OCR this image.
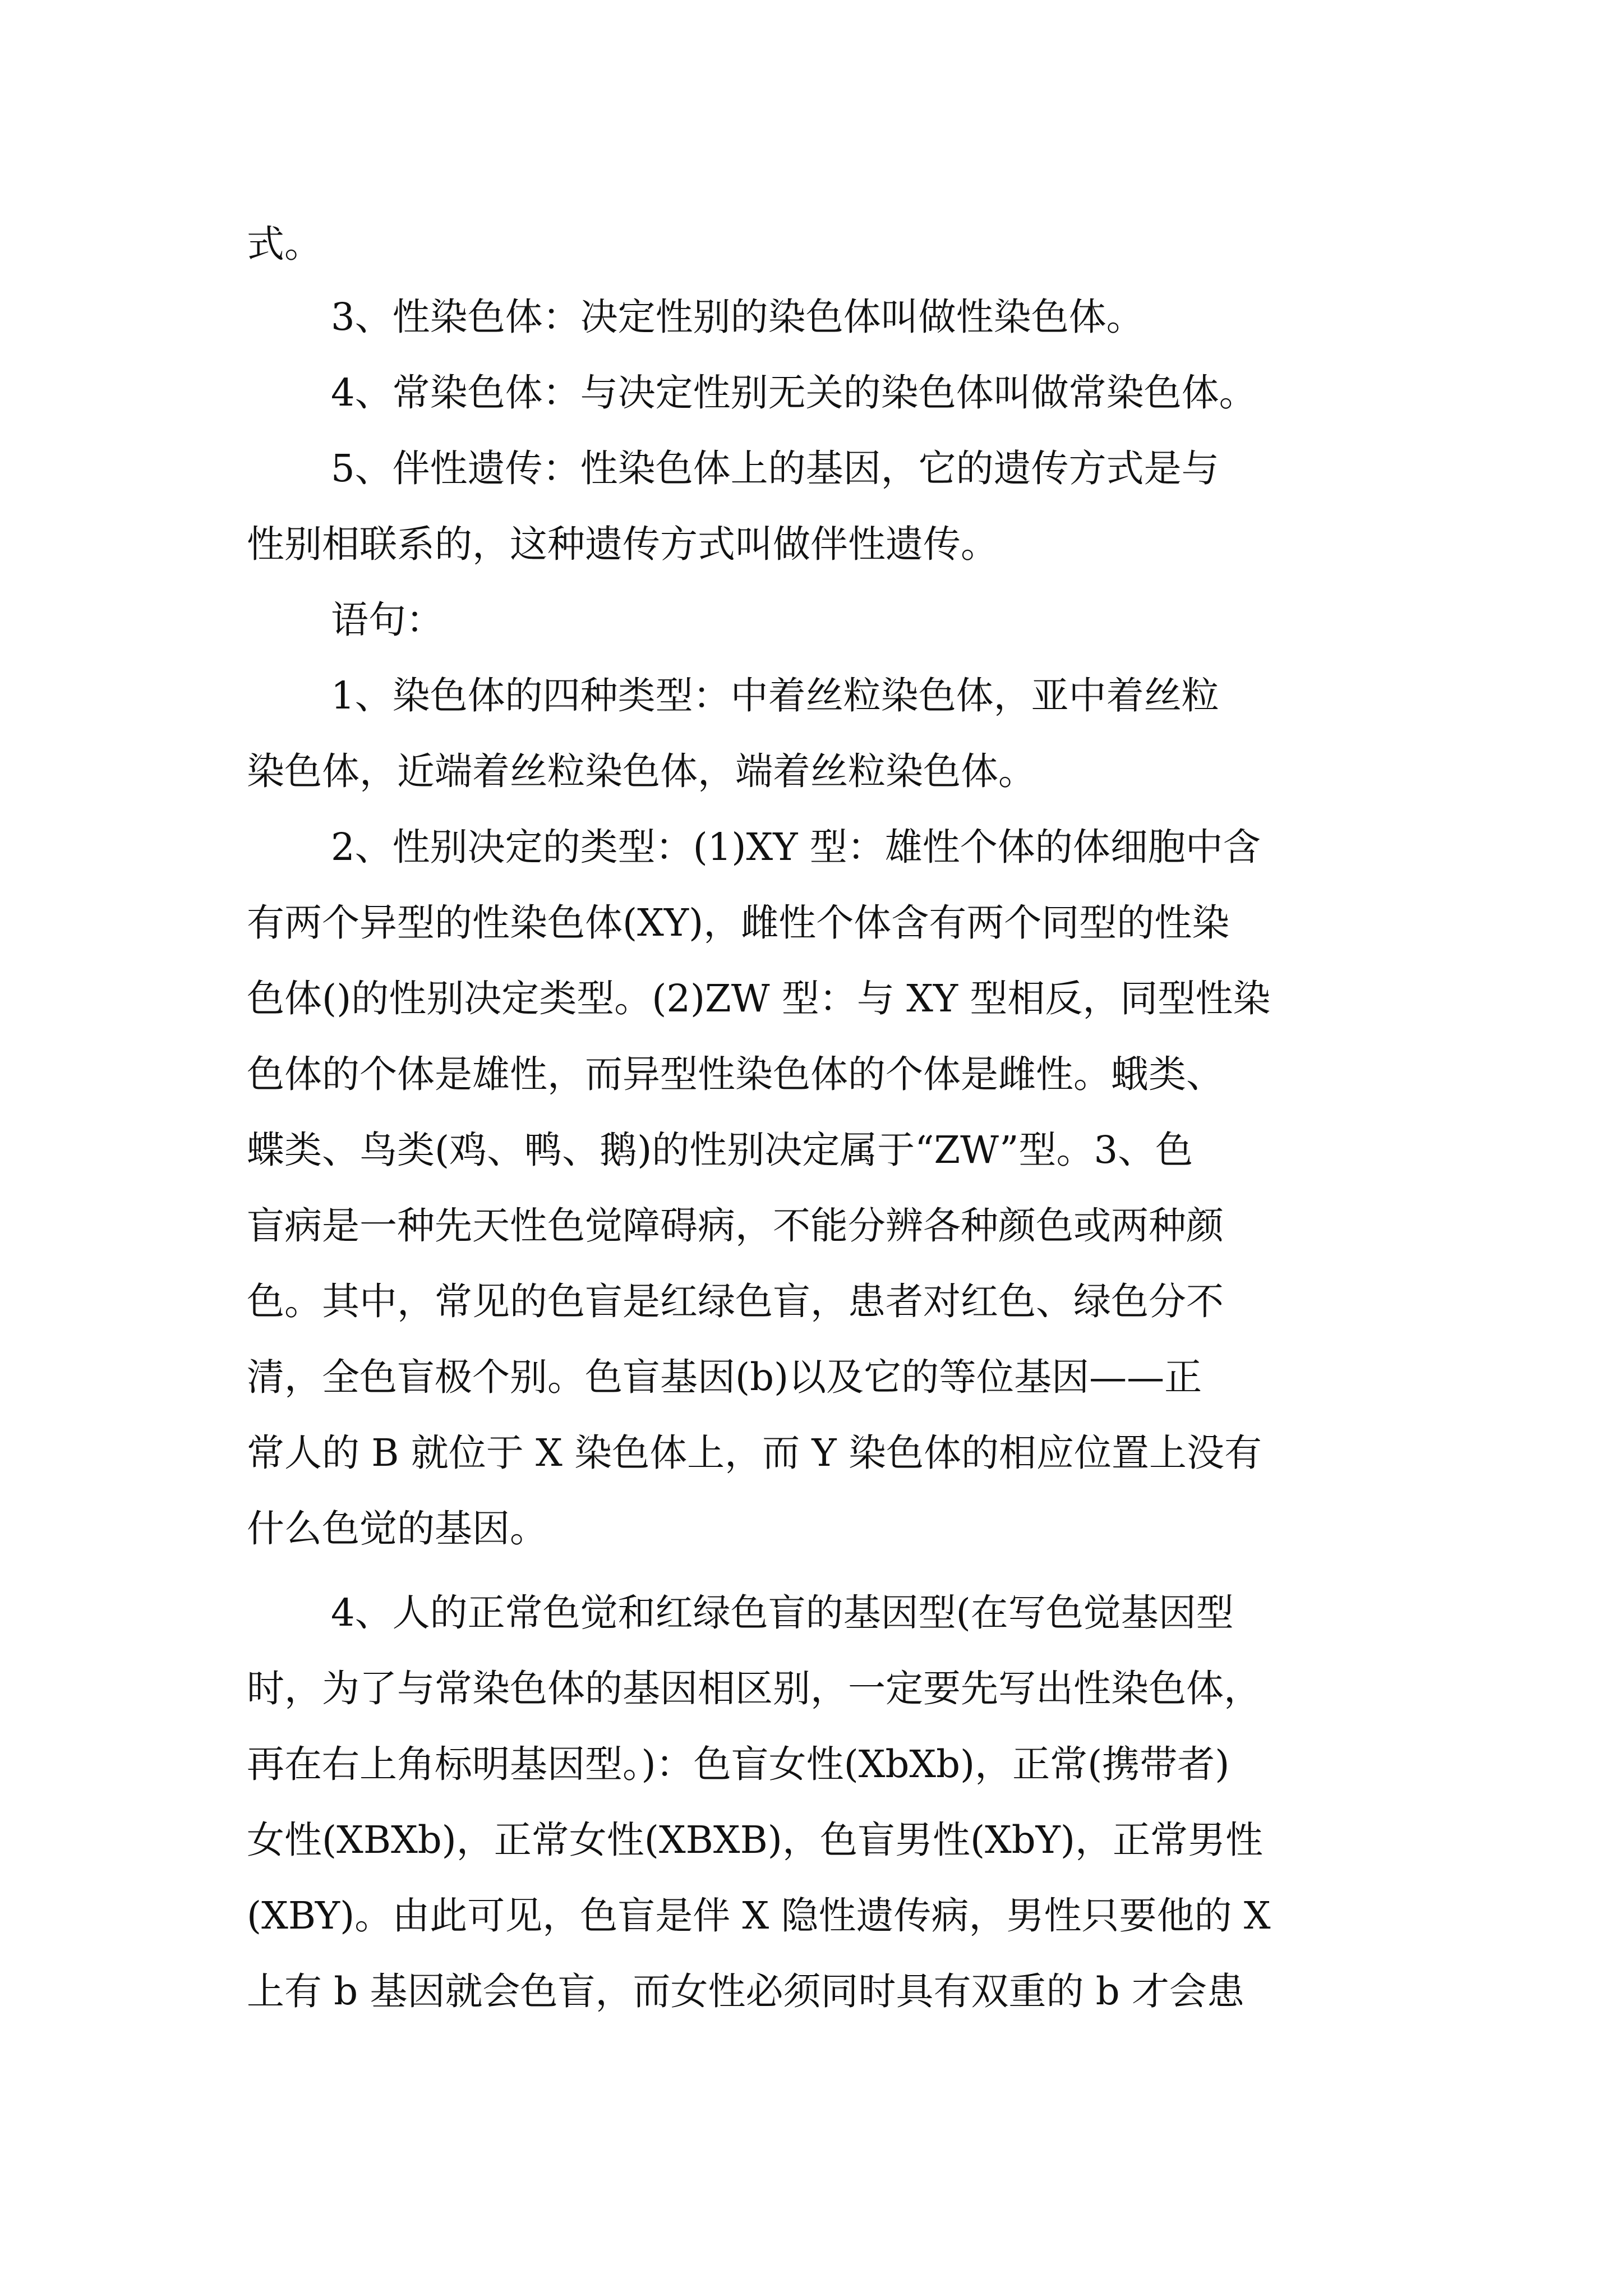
式。

3、性染色体：决定性别的染色体叫做性染色体。

4、常染色体：与决定性别无关的染色体叫做常染色体。

5、伴性遗传：性染色体上的基因，它的遗传方式是与

性别相联系的，这种遗传方式叫做伴性遗传。

语句：

1、染色体的四种类型：中着丝粒染色体，亚中着丝粒

染色体，近端着丝粒染色体，端着丝粒染色体。

2、性别决定的类型：(1)XY 型：雄性个体的体细胞中含

有两个异型的性染色体(XY)，雌性个体含有两个同型的性染

色体()的性别决定类型。(2)ZW 型：与 XY 型相反，同型性染

色体的个体是雄性，而异型性染色体的个体是雌性。蛾类、

蝶类、鸟类(鸡、鸭、鹅)的性别决定属于“ZW”型。3、色

盲病是一种先天性色觉障碍病，不能分辨各种颜色或两种颜

色。其中，常见的色盲是红绿色盲，患者对红色、绿色分不

清，全色盲极个别。色盲基因(b)以及它的等位基因——正

常人的 B 就位于 X 染色体上，而 Y 染色体的相应位置上没有

什么色觉的基因。

4、人的正常色觉和红绿色盲的基因型(在写色觉基因型

时，为了与常染色体的基因相区别，一定要先写出性染色体，

再在右上角标明基因型。)：色盲女性(XbXb)，正常(携带者)

女性(XBXb)，正常女性(XBXB)，色盲男性(XbY)，正常男性

(XBY)。由此可见，色盲是伴 X 隐性遗传病，男性只要他的 X

上有 b 基因就会色盲，而女性必须同时具有双重的 b 才会患
